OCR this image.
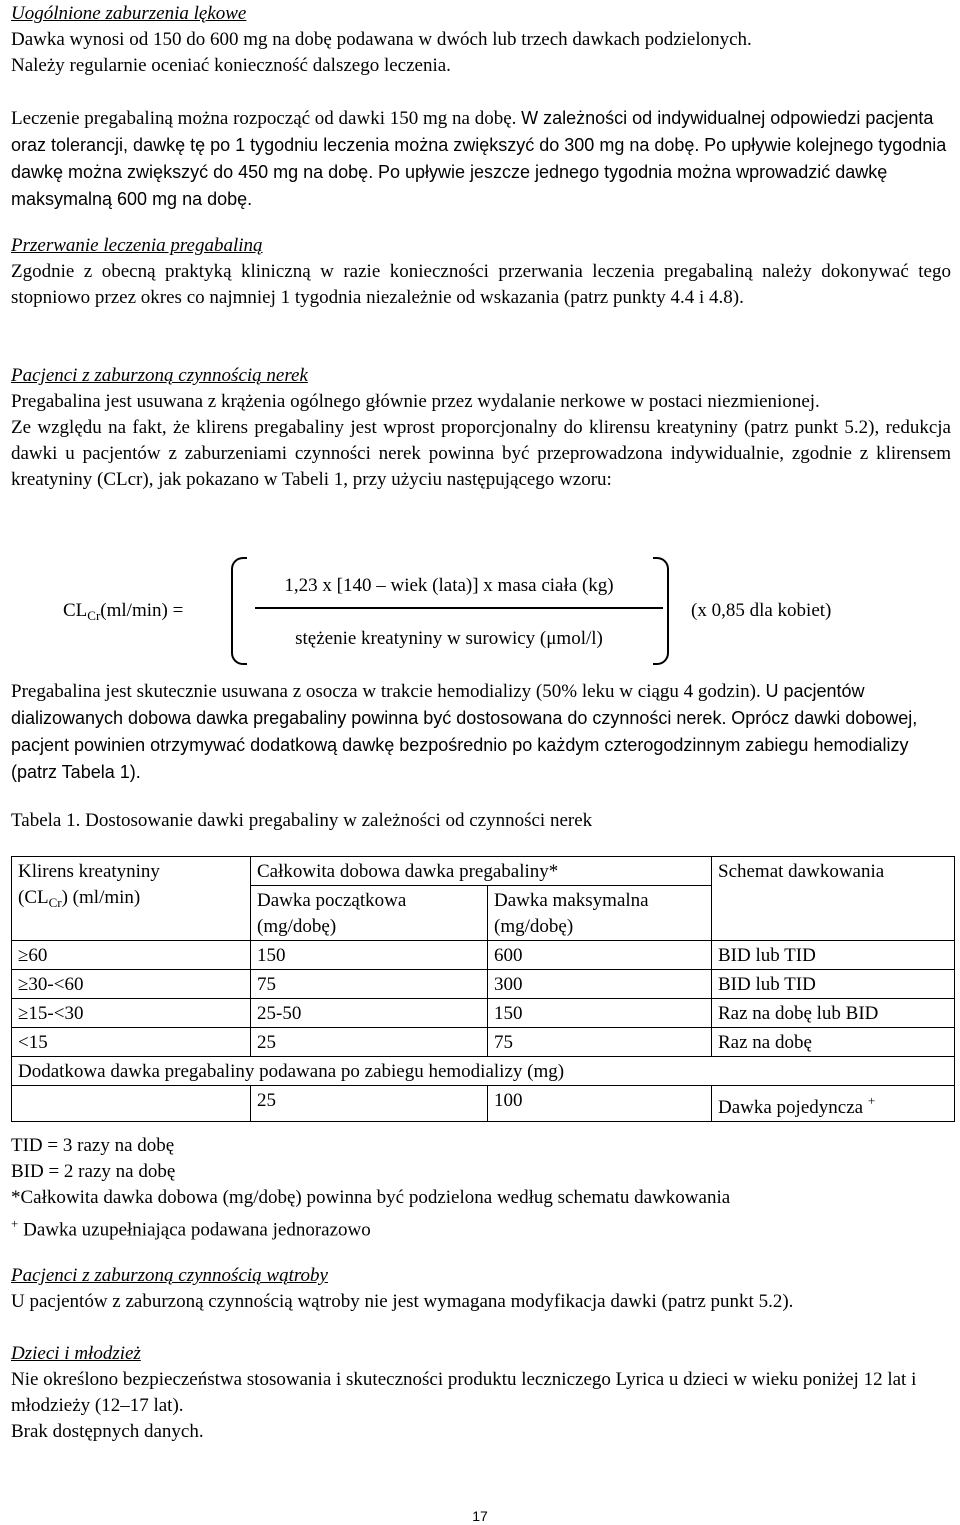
Uogólnione zaburzenia lękowe

Dawka wynosi od 150 do 600 mg na dobę podawana w dwóch lub trzech dawkach podzielonych.
Należy regularnie oceniać konieczność dalszego leczenia.

Leczenie pregabaliną można rozpocząć od dawki 150 mg na dobę. W zależności od indywidualnej odpowiedzi pacjenta oraz tolerancji, dawkę tę po 1 tygodniu leczenia można zwiększyć do 300 mg na dobę. Po upływie kolejnego tygodnia dawkę można zwiększyć do 450 mg na dobę. Po upływie jeszcze jednego tygodnia można wprowadzić dawkę maksymalną 600 mg na dobę.

Przerwanie leczenia pregabaliną

Zgodnie z obecną praktyką kliniczną w razie konieczności przerwania leczenia pregabaliną należy dokonywać tego stopniowo przez okres co najmniej 1 tygodnia niezależnie od wskazania (patrz punkty 4.4 i 4.8).

Pacjenci z zaburzoną czynnością nerek

Pregabalina jest usuwana z krążenia ogólnego głównie przez wydalanie nerkowe w postaci niezmienionej.

Ze względu na fakt, że klirens pregabaliny jest wprost proporcjonalny do klirensu kreatyniny (patrz punkt 5.2), redukcja dawki u pacjentów z zaburzeniami czynności nerek powinna być przeprowadzona indywidualnie, zgodnie z klirensem kreatyniny (CLcr), jak pokazano w Tabeli 1, przy użyciu następującego wzoru:

$CL_{Cr}(ml/\min)$ =
1,23 x [140 – wiek (lata)] x masa ciała (kg)
stężenie kreatyniny w surowicy (μmol/l)
(x 0,85 dla kobiet)

Pregabalina jest skutecznie usuwana z osocza w trakcie hemodializy (50% leku w ciągu 4 godzin). U pacjentów dializowanych dobowa dawka pregabaliny powinna być dostosowana do czynności nerek. Oprócz dawki dobowej, pacjent powinien otrzymywać dodatkową dawkę bezpośrednio po każdym czterogodzinnym zabiegu hemodializy (patrz Tabela 1).

Tabela 1. Dostosowanie dawki pregabaliny w zależności od czynności nerek
Klirens kreatyniny
$(CL_{Cr})$ (ml/min)	Całkowita dobowa dawka pregabaliny*		Schemat dawkowania
	Dawka początkowa (mg/dobę)	Dawka maksymalna (mg/dobę)	
≥60	150	600	BID lub TID
≥30-<60	75	300	BID lub TID
≥15-<30	25-50	150	Raz na dobę lub BID
<15	25	75	Raz na dobę
Dodatkowa dawka pregabaliny podawana po zabiegu hemodializy (mg)			
	25	100	Dawka pojedyncza +

TID = 3 razy na dobę

BID = 2 razy na dobę

*Całkowita dawka dobowa (mg/dobę) powinna być podzielona według schematu dawkowania

+ Dawka uzupełniająca podawana jednorazowo

Pacjenci z zaburzoną czynnością wątroby

U pacjentów z zaburzoną czynnością wątroby nie jest wymagana modyfikacja dawki (patrz punkt 5.2).

Dzieci i młodzież

Nie określono bezpieczeństwa stosowania i skuteczności produktu leczniczego Lyrica u dzieci w wieku poniżej 12 lat i młodzieży (12–17 lat).

Brak dostępnych danych.

17
